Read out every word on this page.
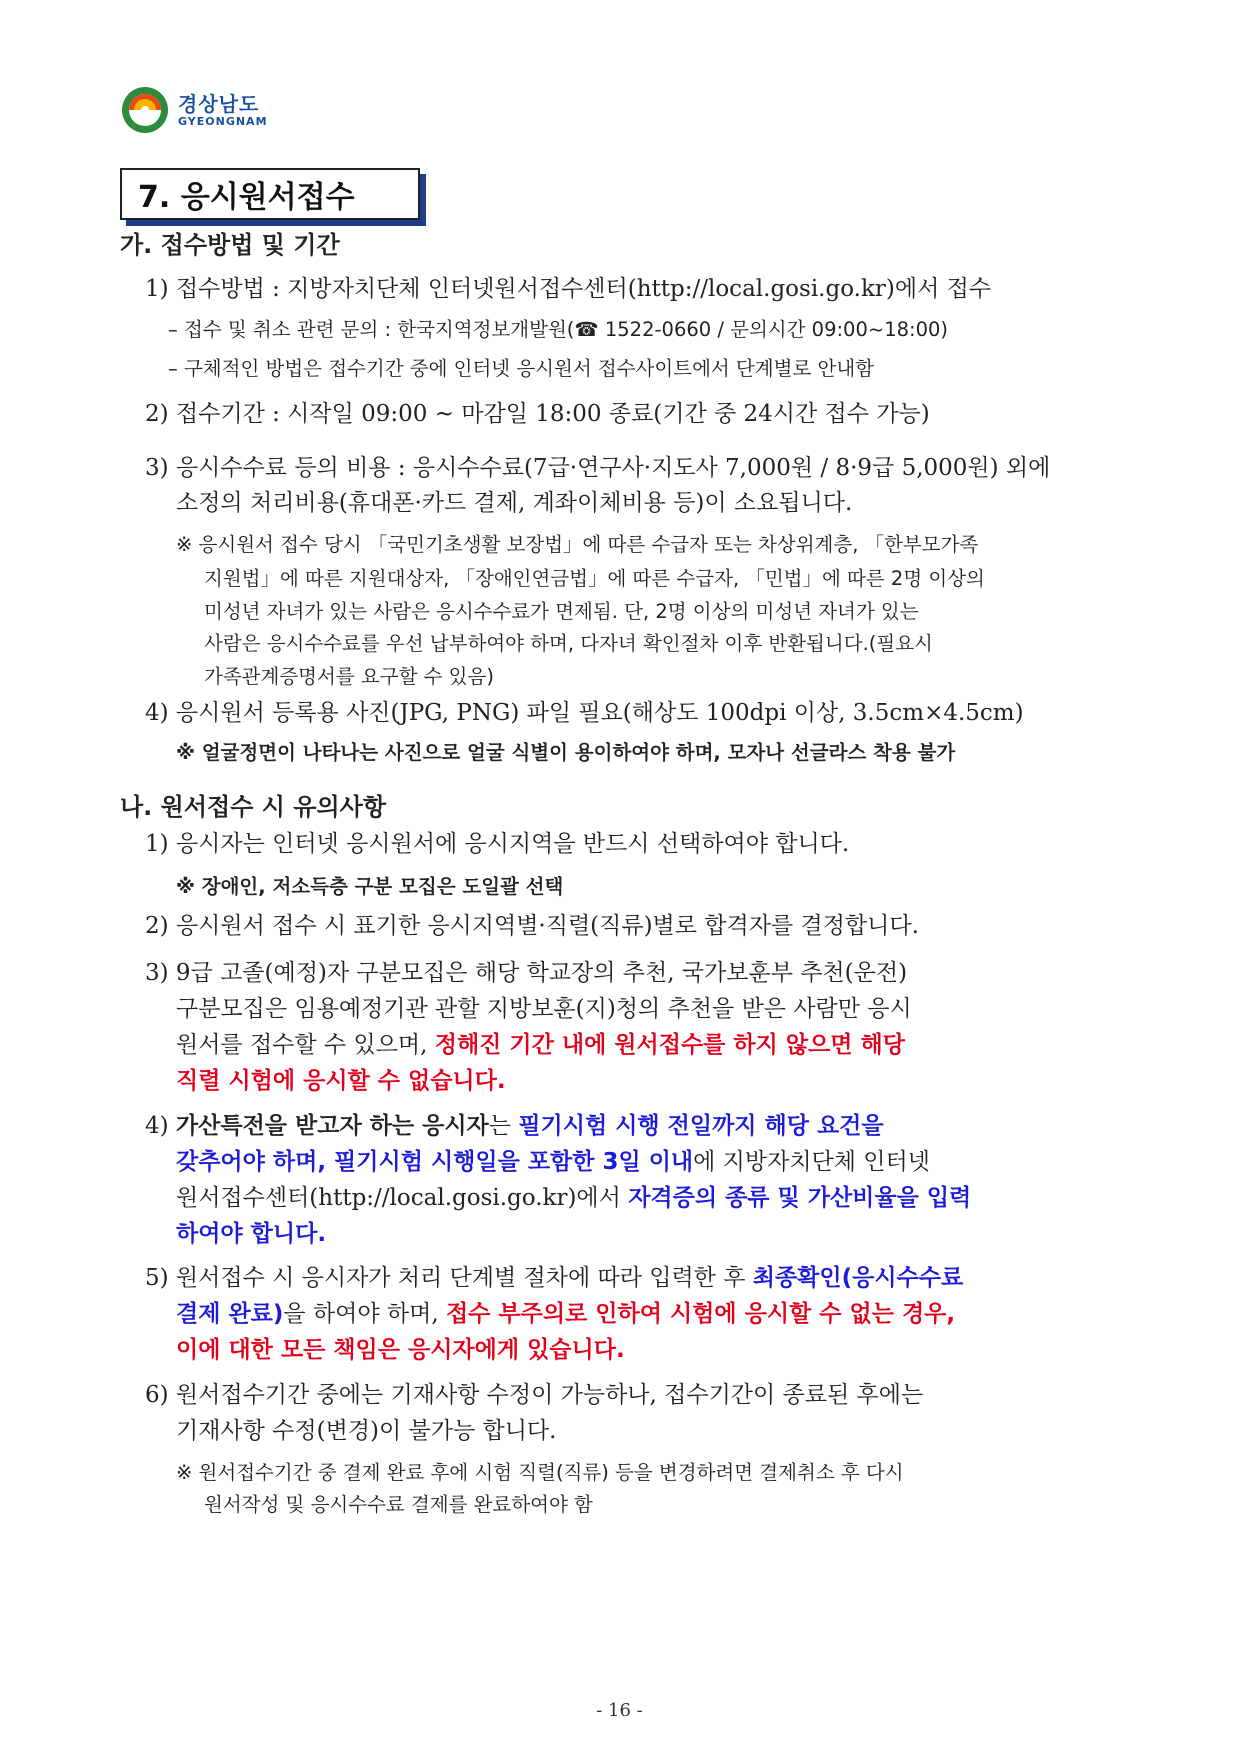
경상남도
GYEONGNAM
7. 응시원서접수
가. 접수방법 및 기간
1) 접수방법 : 지방자치단체 인터넷원서접수센터(http://local.gosi.go.kr)에서 접수
– 접수 및 취소 관련 문의 : 한국지역정보개발원(☎ 1522-0660 / 문의시간 09:00~18:00)
– 구체적인 방법은 접수기간 중에 인터넷 응시원서 접수사이트에서 단계별로 안내함
2) 접수기간 : 시작일 09:00 ~ 마감일 18:00 종료(기간 중 24시간 접수 가능)
3) 응시수수료 등의 비용 : 응시수수료(7급·연구사·지도사 7,000원 / 8·9급 5,000원) 외에
소정의 처리비용(휴대폰·카드 결제, 계좌이체비용 등)이 소요됩니다.
※ 응시원서 접수 당시 「국민기초생활 보장법」에 따른 수급자 또는 차상위계층, 「한부모가족
지원법」에 따른 지원대상자, 「장애인연금법」에 따른 수급자, 「민법」에 따른 2명 이상의
미성년 자녀가 있는 사람은 응시수수료가 면제됨. 단, 2명 이상의 미성년 자녀가 있는
사람은 응시수수료를 우선 납부하여야 하며, 다자녀 확인절차 이후 반환됩니다.(필요시
가족관계증명서를 요구할 수 있음)
4) 응시원서 등록용 사진(JPG, PNG) 파일 필요(해상도 100dpi 이상, 3.5cm×4.5cm)
※ 얼굴정면이 나타나는 사진으로 얼굴 식별이 용이하여야 하며, 모자나 선글라스 착용 불가
나. 원서접수 시 유의사항
1) 응시자는 인터넷 응시원서에 응시지역을 반드시 선택하여야 합니다.
※ 장애인, 저소득층 구분 모집은 도일괄 선택
2) 응시원서 접수 시 표기한 응시지역별·직렬(직류)별로 합격자를 결정합니다.
3) 9급 고졸(예정)자 구분모집은 해당 학교장의 추천, 국가보훈부 추천(운전)
구분모집은 임용예정기관 관할 지방보훈(지)청의 추천을 받은 사람만 응시
원서를 접수할 수 있으며, 정해진 기간 내에 원서접수를 하지 않으면 해당
직렬 시험에 응시할 수 없습니다.
4) 가산특전을 받고자 하는 응시자는 필기시험 시행 전일까지 해당 요건을
갖추어야 하며, 필기시험 시행일을 포함한 3일 이내에 지방자치단체 인터넷
원서접수센터(http://local.gosi.go.kr)에서 자격증의 종류 및 가산비율을 입력
하여야 합니다.
5) 원서접수 시 응시자가 처리 단계별 절차에 따라 입력한 후 최종확인(응시수수료
결제 완료)을 하여야 하며, 접수 부주의로 인하여 시험에 응시할 수 없는 경우,
이에 대한 모든 책임은 응시자에게 있습니다.
6) 원서접수기간 중에는 기재사항 수정이 가능하나, 접수기간이 종료된 후에는
기재사항 수정(변경)이 불가능 합니다.
※ 원서접수기간 중 결제 완료 후에 시험 직렬(직류) 등을 변경하려면 결제취소 후 다시
원서작성 및 응시수수료 결제를 완료하여야 함
- 16 -
